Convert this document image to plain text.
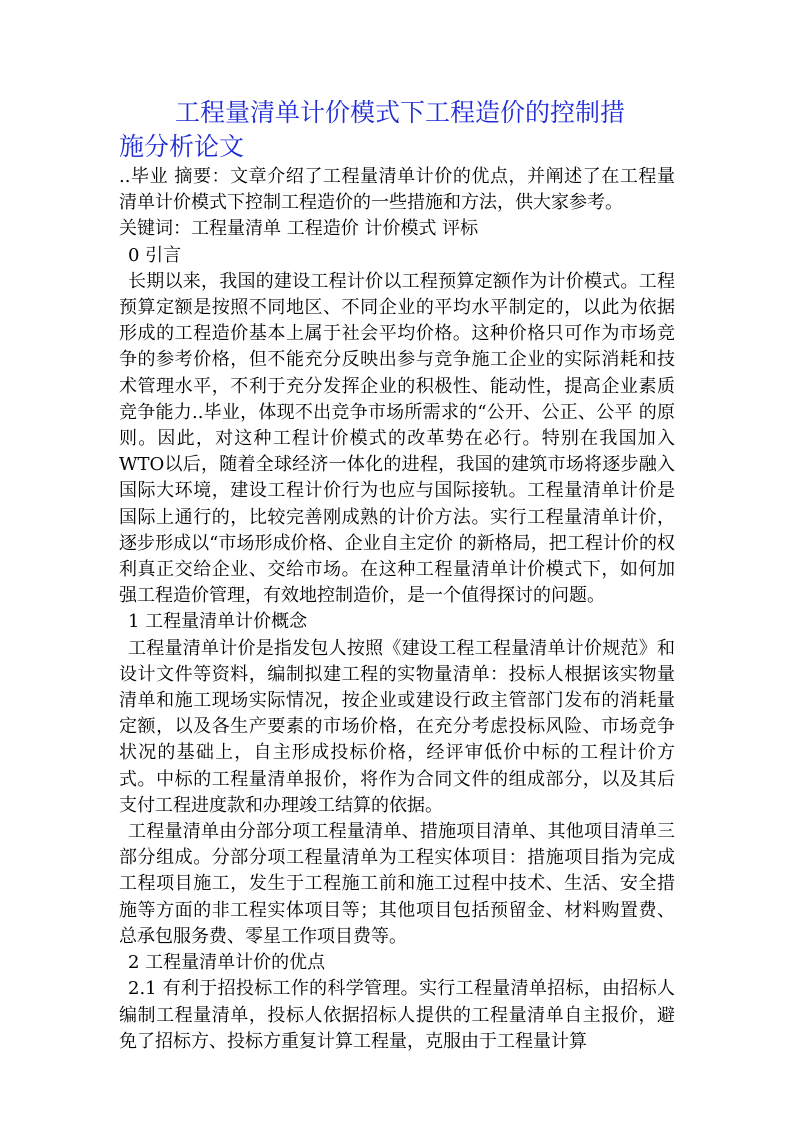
工程量清单计价模式下工程造价的控制措
施分析论文

..毕业 摘要：文章介绍了工程量清单计价的优点，并阐述了在工程量清单计价模式下控制工程造价的一些措施和方法，供大家参考。

关键词：工程量清单 工程造价 计价模式 评标

0 引言

长期以来，我国的建设工程计价以工程预算定额作为计价模式。工程预算定额是按照不同地区、不同企业的平均水平制定的，以此为依据形成的工程造价基本上属于社会平均价格。这种价格只可作为市场竞争的参考价格，但不能充分反映出参与竞争施工企业的实际消耗和技术管理水平，不利于充分发挥企业的积极性、能动性，提高企业素质竞争能力..毕业，体现不出竞争市场所需求的“公开、公正、公平 的原则。因此，对这种工程计价模式的改革势在必行。特别在我国加入WTO以后，随着全球经济一体化的进程，我国的建筑市场将逐步融入国际大环境，建设工程计价行为也应与国际接轨。工程量清单计价是国际上通行的，比较完善刚成熟的计价方法。实行工程量清单计价，逐步形成以“市场形成价格、企业自主定价 的新格局，把工程计价的权利真正交给企业、交给市场。在这种工程量清单计价模式下，如何加强工程造价管理，有效地控制造价，是一个值得探讨的问题。

1 工程量清单计价概念

工程量清单计价是指发包人按照《建设工程工程量清单计价规范》和设计文件等资料，编制拟建工程的实物量清单：投标人根据该实物量清单和施工现场实际情况，按企业或建设行政主管部门发布的消耗量定额，以及各生产要素的市场价格，在充分考虑投标风险、市场竞争状况的基础上，自主形成投标价格，经评审低价中标的工程计价方式。中标的工程量清单报价，将作为合同文件的组成部分，以及其后支付工程进度款和办理竣工结算的依据。

工程量清单由分部分项工程量清单、措施项目清单、其他项目清单三部分组成。分部分项工程量清单为工程实体项目：措施项目指为完成工程项目施工，发生于工程施工前和施工过程中技术、生活、安全措施等方面的非工程实体项目等；其他项目包括预留金、材料购置费、总承包服务费、零星工作项目费等。

2 工程量清单计价的优点

2.1 有利于招投标工作的科学管理。实行工程量清单招标，由招标人编制工程量清单，投标人依据招标人提供的工程量清单自主报价，避免了招标方、投标方重复计算工程量，克服由于工程量计算
